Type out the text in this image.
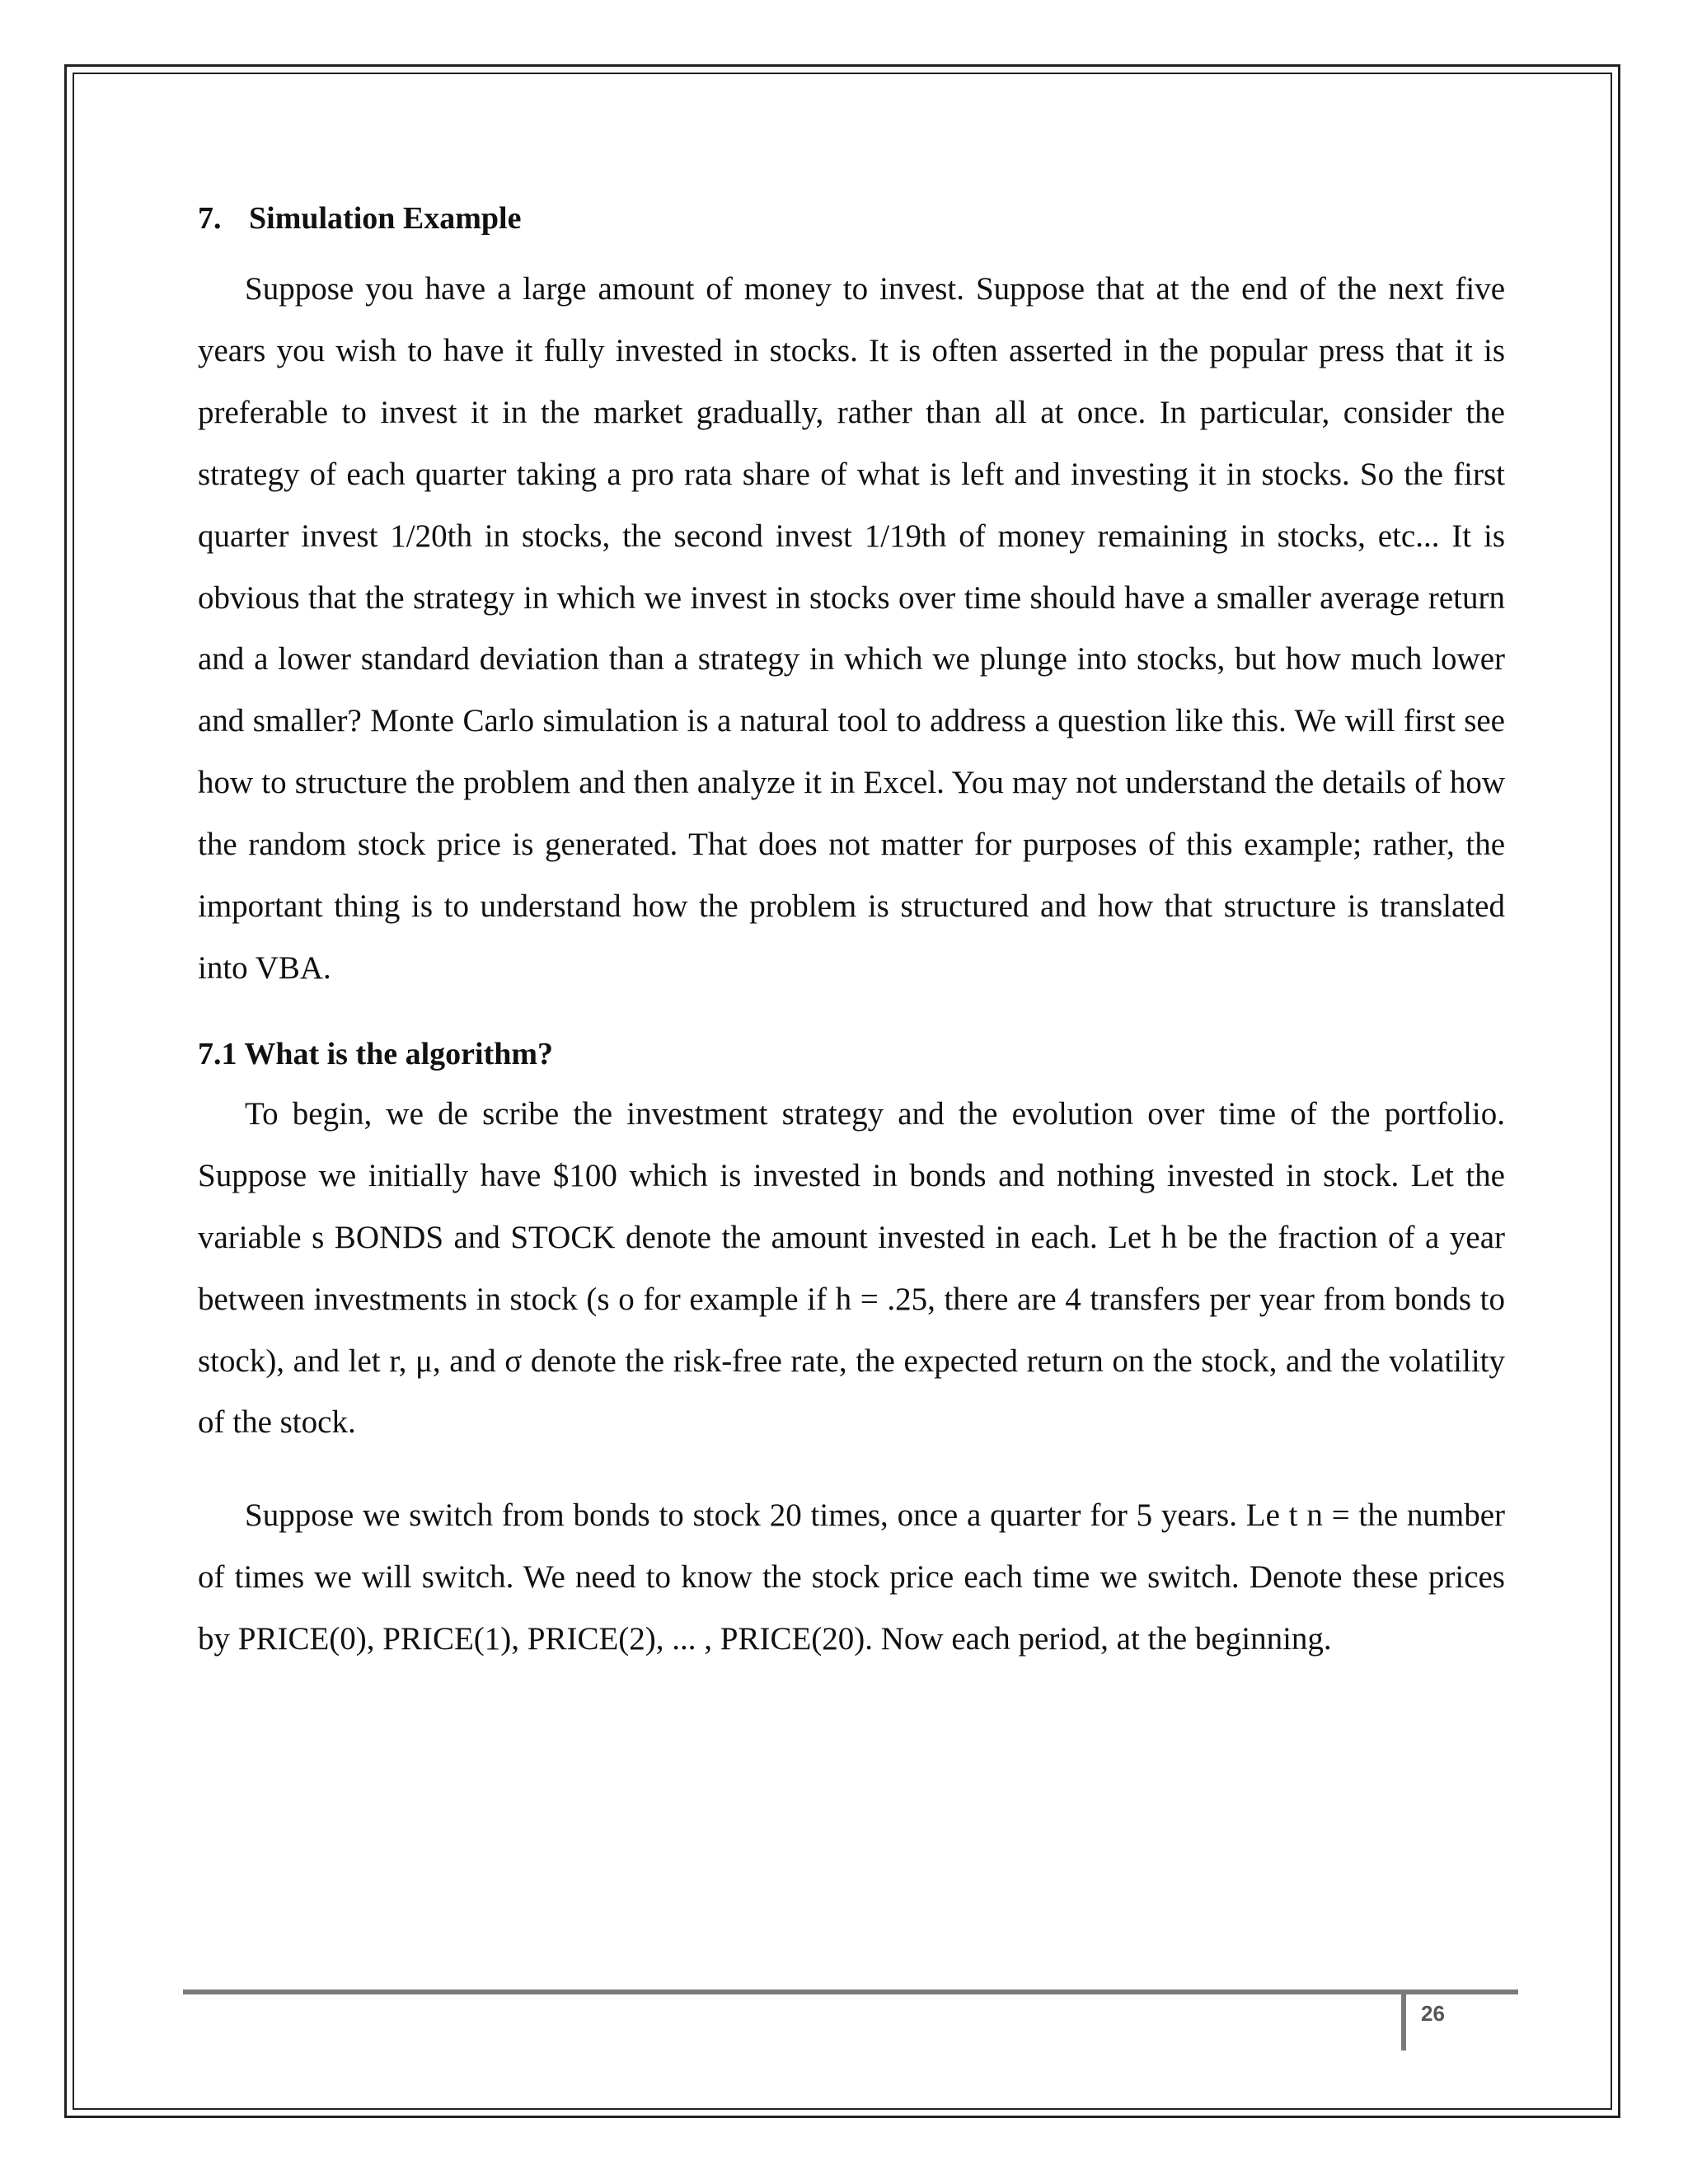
7. Simulation Example

Suppose you have a large amount of money to invest. Suppose that at the end of the next five years you wish to have it fully invested in stocks. It is often asserted in the popular press that it is preferable to invest it in the market gradually, rather than all at once. In particular, consider the strategy of each quarter taking a pro rata share of what is left and investing it in stocks. So the first quarter invest 1/20th in stocks, the second invest 1/19th of money remaining in stocks, etc... It is obvious that the strategy in which we invest in stocks over time should have a smaller average return and a lower standard deviation than a strategy in which we plunge into stocks, but how much lower and smaller? Monte Carlo simulation is a natural tool to address a question like this. We will first see how to structure the problem and then analyze it in Excel. You may not understand the details of how the random stock price is generated. That does not matter for purposes of this example; rather, the important thing is to understand how the problem is structured and how that structure is translated into VBA.

7.1 What is the algorithm?

To begin, we de scribe the investment strategy and the evolution over time of the portfolio. Suppose we initially have $100 which is invested in bonds and nothing invested in stock. Let the variable s BONDS and STOCK denote the amount invested in each. Let h be the fraction of a year between investments in stock (s o for example if h = .25, there are 4 transfers per year from bonds to stock), and let r, μ, and σ denote the risk-free rate, the expected return on the stock, and the volatility of the stock.

Suppose we switch from bonds to stock 20 times, once a quarter for 5 years. Le t n = the number of times we will switch. We need to know the stock price each time we switch. Denote these prices by PRICE(0), PRICE(1), PRICE(2), ... , PRICE(20). Now each period, at the beginning.

26
